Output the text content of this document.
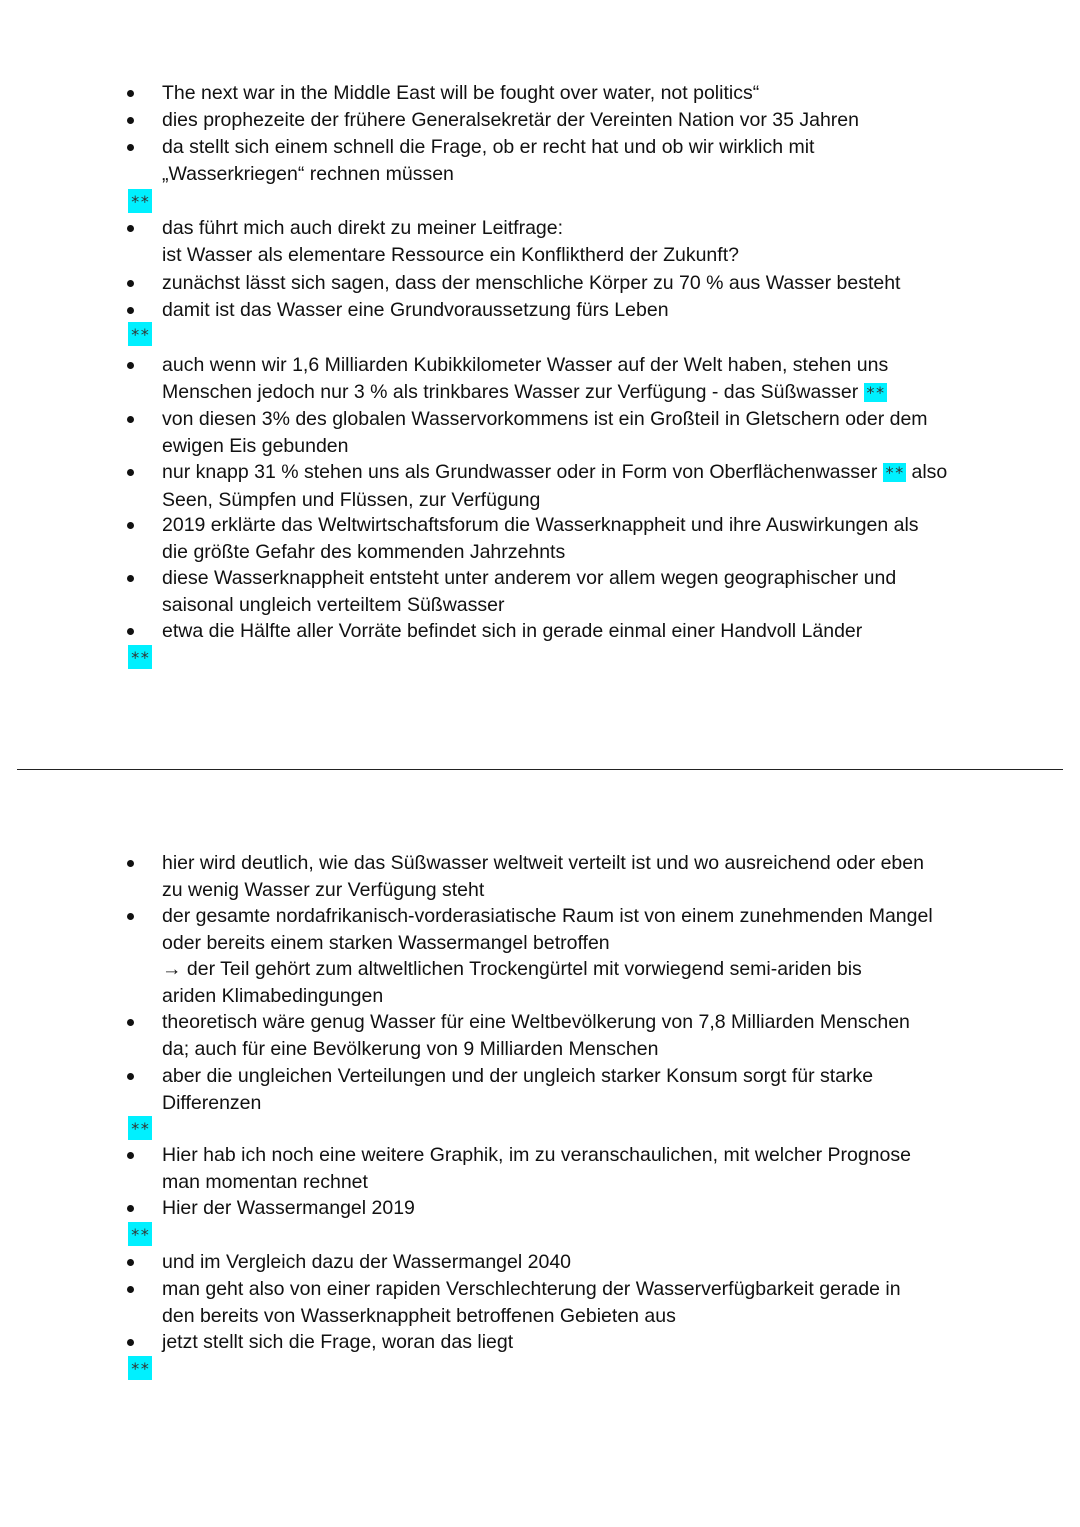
The next war in the Middle East will be fought over water, not politics“
dies prophezeite der frühere Generalsekretär der Vereinten Nation vor 35 Jahren
da stellt sich einem schnell die Frage, ob er recht hat und ob wir wirklich mit
„Wasserkriegen“ rechnen müssen
**
das führt mich auch direkt zu meiner Leitfrage:
ist Wasser als elementare Ressource ein Konfliktherd der Zukunft?
zunächst lässt sich sagen, dass der menschliche Körper zu 70 % aus Wasser besteht
damit ist das Wasser eine Grundvoraussetzung fürs Leben
**
auch wenn wir 1,6 Milliarden Kubikkilometer Wasser auf der Welt haben, stehen uns
Menschen jedoch nur 3 % als trinkbares Wasser zur Verfügung - das Süßwasser **
von diesen 3% des globalen Wasservorkommens ist ein Großteil in Gletschern oder dem
ewigen Eis gebunden
nur knapp 31 % stehen uns als Grundwasser oder in Form von Oberflächenwasser ** also
Seen, Sümpfen und Flüssen, zur Verfügung
2019 erklärte das Weltwirtschaftsforum die Wasserknappheit und ihre Auswirkungen als
die größte Gefahr des kommenden Jahrzehnts
diese Wasserknappheit entsteht unter anderem vor allem wegen geographischer und
saisonal ungleich verteiltem Süßwasser
etwa die Hälfte aller Vorräte befindet sich in gerade einmal einer Handvoll Länder
**
hier wird deutlich, wie das Süßwasser weltweit verteilt ist und wo ausreichend oder eben
zu wenig Wasser zur Verfügung steht
der gesamte nordafrikanisch-vorderasiatische Raum ist von einem zunehmenden Mangel
oder bereits einem starken Wassermangel betroffen
→ der Teil gehört zum altweltlichen Trockengürtel mit vorwiegend semi-ariden bis
ariden Klimabedingungen
theoretisch wäre genug Wasser für eine Weltbevölkerung von 7,8 Milliarden Menschen
da; auch für eine Bevölkerung von 9 Milliarden Menschen
aber die ungleichen Verteilungen und der ungleich starker Konsum sorgt für starke
Differenzen
**
Hier hab ich noch eine weitere Graphik, im zu veranschaulichen, mit welcher Prognose
man momentan rechnet
Hier der Wassermangel 2019
**
und im Vergleich dazu der Wassermangel 2040
man geht also von einer rapiden Verschlechterung der Wasserverfügbarkeit gerade in
den bereits von Wasserknappheit betroffenen Gebieten aus
jetzt stellt sich die Frage, woran das liegt
**
